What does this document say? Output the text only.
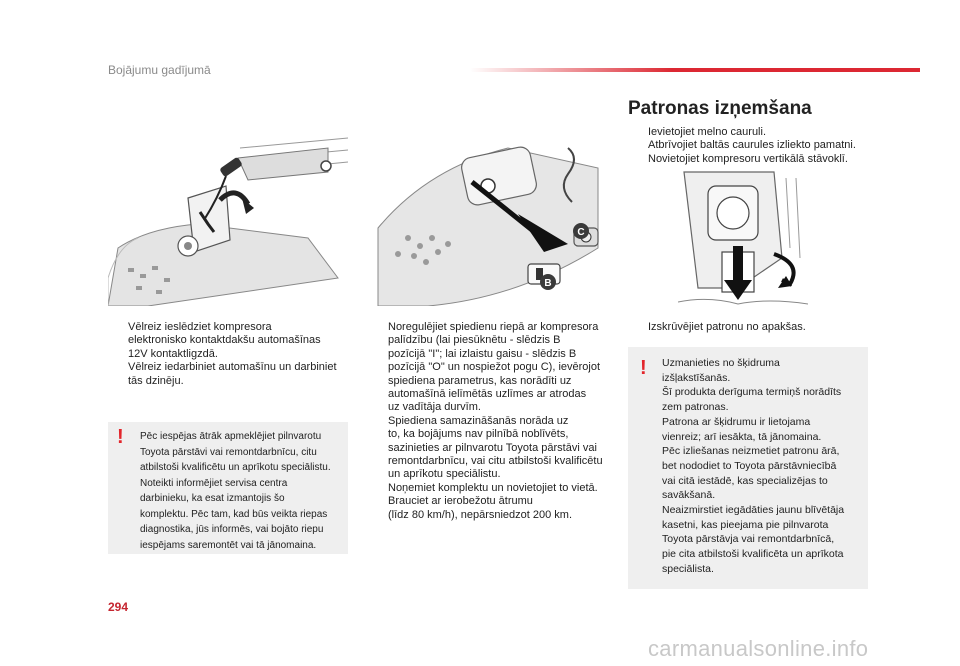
Bojājumu gadījumā
C
B
Patronas izņemšana
Ievietojiet melno cauruli.
Atbrīvojiet baltās caurules izliekto pamatni.
Novietojiet kompresoru vertikālā stāvoklī.
Vēlreiz ieslēdziet kompresora
elektronisko kontaktdakšu automašīnas
12V kontaktligzdā.
Vēlreiz iedarbiniet automašīnu un darbiniet
tās dzinēju.
Noregulējiet spiedienu riepā ar kompresora
palīdzību (lai piesūknētu - slēdzis B
pozīcijā "I"; lai izlaistu gaisu - slēdzis B
pozīcijā "O" un nospiežot pogu C), ievērojot
spiediena parametrus, kas norādīti uz
automašīnā ielīmētās uzlīmes ar atrodas
uz vadītāja durvīm.
Spiediena samazināšanās norāda uz
to, ka bojājums nav pilnībā noblīvēts,
sazinieties ar pilnvarotu Toyota pārstāvi vai
remontdarbnīcu, vai citu atbilstoši kvalificētu
un aprīkotu speciālistu.
Noņemiet komplektu un novietojiet to vietā.
Brauciet ar ierobežotu ātrumu
(līdz 80 km/h), nepārsniedzot 200 km.
Izskrūvējiet patronu no apakšas.
! Pēc iespējas ātrāk apmeklējiet pilnvarotu
Toyota pārstāvi vai remontdarbnīcu, citu
atbilstoši kvalificētu un aprīkotu speciālistu.
Noteikti informējiet servisa centra
darbinieku, ka esat izmantojis šo
komplektu. Pēc tam, kad būs veikta riepas
diagnostika, jūs informēs, vai bojāto riepu
iespējams saremontēt vai tā jānomaina.
! Uzmanieties no šķidruma
izšļakstīšanās.
Šī produkta derīguma termiņš norādīts
zem patronas.
Patrona ar šķidrumu ir lietojama
vienreiz; arī iesākta, tā jānomaina.
Pēc izliešanas neizmetiet patronu ārā,
bet nododiet to Toyota pārstāvniecībā
vai citā iestādē, kas specializējas to
savākšanā.
Neaizmirstiet iegādāties jaunu blīvētāja
kasetni, kas pieejama pie pilnvarota
Toyota pārstāvja vai remontdarbnīcā,
pie cita atbilstoši kvalificēta un aprīkota
speciālista.
294
carmanualsonline.info
